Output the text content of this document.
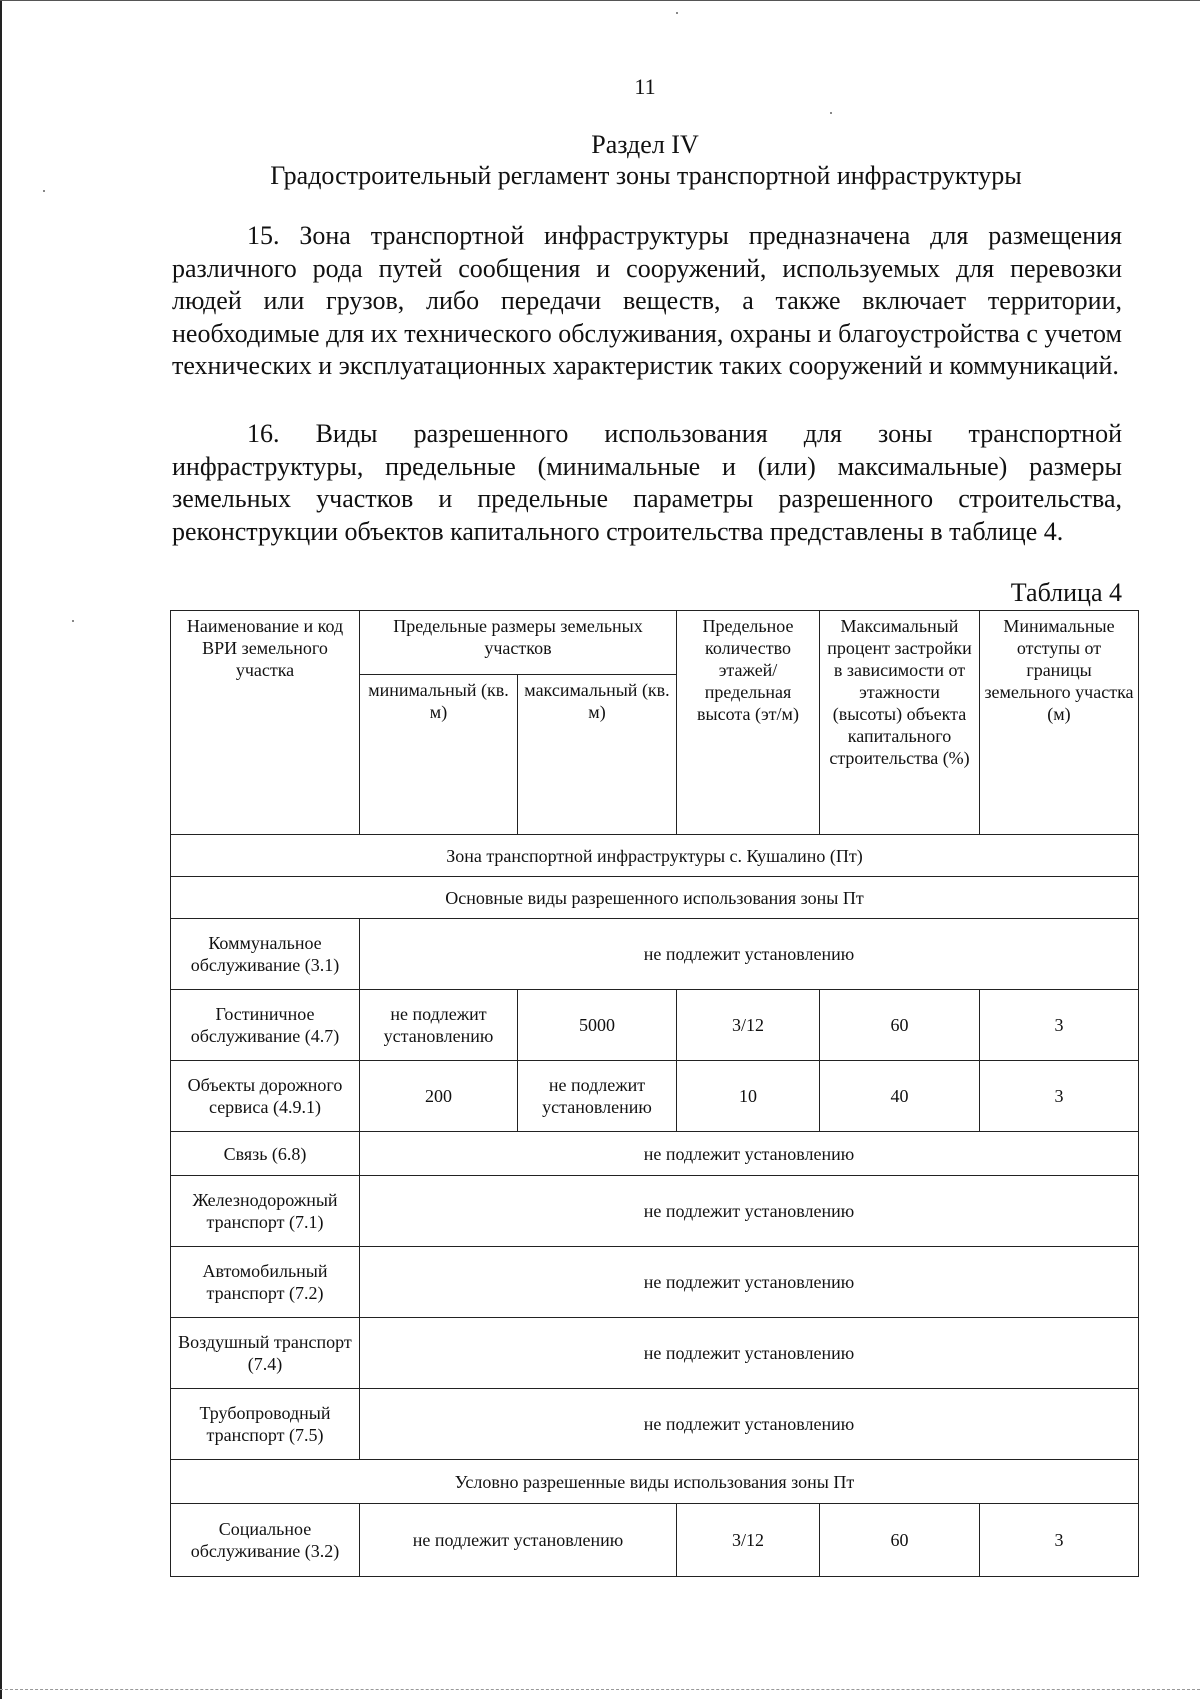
11
Раздел IV
Градостроительный регламент зоны транспортной инфраструктуры

15. Зона транспортной инфраструктуры предназначена для размещения различного рода путей сообщения и сооружений, используемых для перевозки людей или грузов, либо передачи веществ, а также включает территории, необходимые для их технического обслуживания, охраны и благоустройства с учетом технических и эксплуатационных характеристик таких сооружений и коммуникаций.

16. Виды разрешенного использования для зоны транспортной инфраструктуры, предельные (минимальные и (или) максимальные) размеры земельных участков и предельные параметры разрешенного строительства, реконструкции объектов капитального строительства представлены в таблице 4.

Таблица 4
Наименование и код ВРИ земельного участка	Предельные размеры земельных участков		Предельное количество этажей/ предельная высота (эт/м)	Максимальный процент застройки в зависимости от этажности (высоты) объекта капитального строительства (%)	Минимальные отступы от границы земельного участка (м)
	минимальный (кв. м)	максимальный (кв. м)			
Зона транспортной инфраструктуры с. Кушалино (Пт)					
Основные виды разрешенного использования зоны Пт					
Коммунальное обслуживание (3.1)	не подлежит установлению				
Гостиничное обслуживание (4.7)	не подлежит установлению	5000	3/12	60	3
Объекты дорожного сервиса (4.9.1)	200	не подлежит установлению	10	40	3
Связь (6.8)	не подлежит установлению				
Железнодорожный транспорт (7.1)	не подлежит установлению				
Автомобильный транспорт (7.2)	не подлежит установлению				
Воздушный транспорт (7.4)	не подлежит установлению				
Трубопроводный транспорт (7.5)	не подлежит установлению				
Условно разрешенные виды использования зоны Пт					
Социальное обслуживание (3.2)	не подлежит установлению		3/12	60	3
